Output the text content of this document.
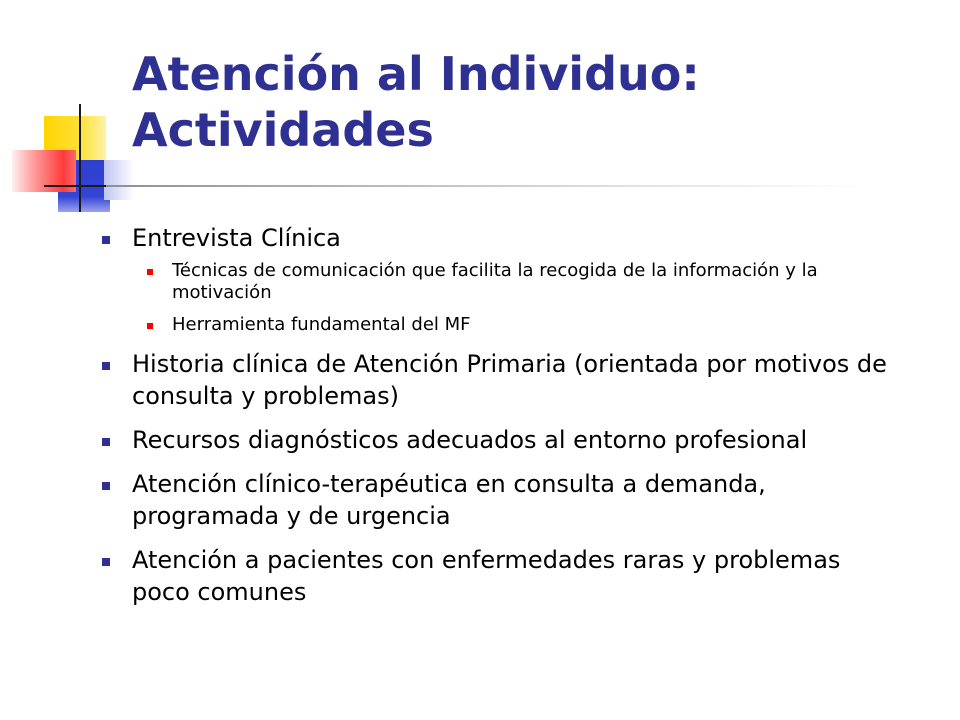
Atención al Individuo:
Actividades
Entrevista Clínica
Técnicas de comunicación que facilita la recogida de la información y la motivación
Herramienta fundamental del MF
Historia clínica de Atención Primaria (orientada por motivos de consulta y problemas)
Recursos diagnósticos adecuados al entorno profesional
Atención clínico-terapéutica en consulta a demanda, programada y de urgencia
Atención a pacientes con enfermedades raras y problemas poco comunes
